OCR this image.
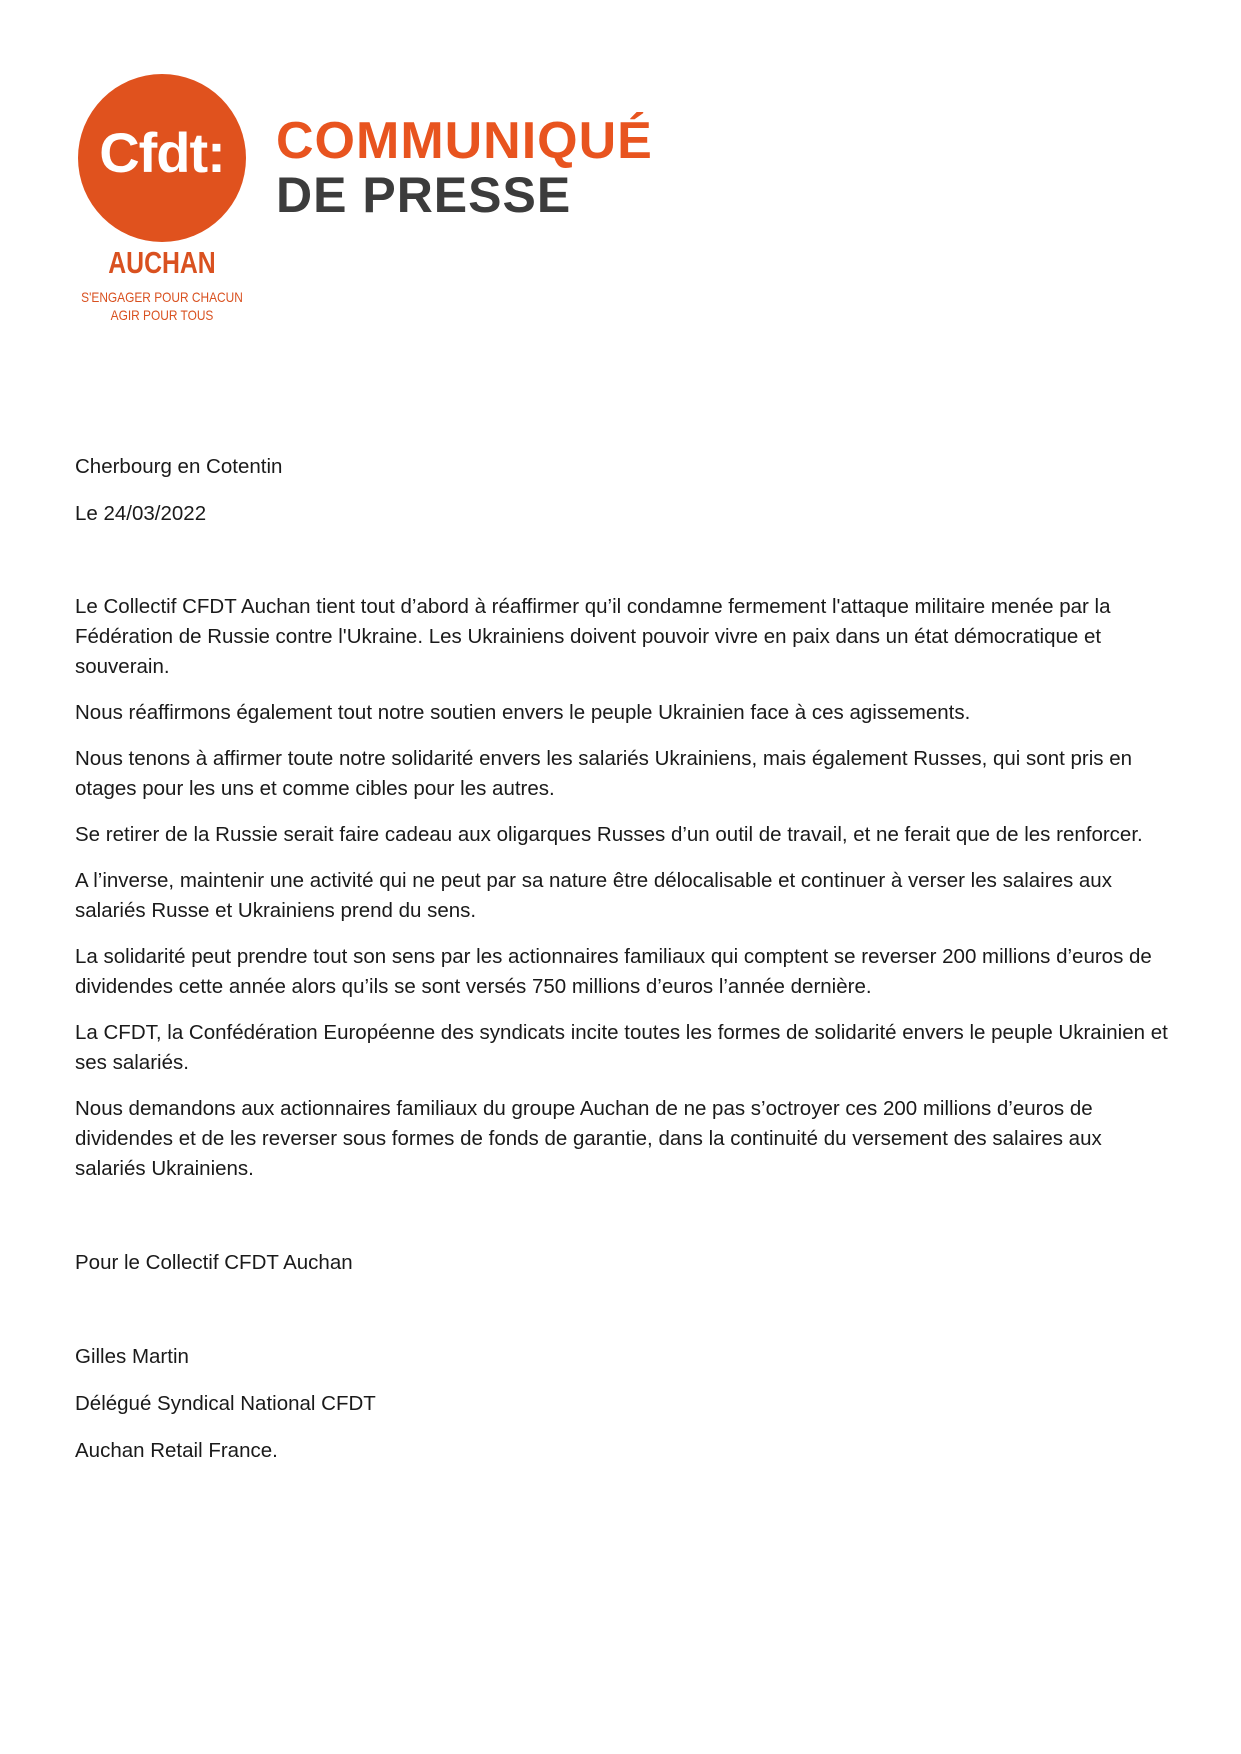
Cfdt:
AUCHAN
S'ENGAGER POUR CHACUN
AGIR POUR TOUS
COMMUNIQUÉ
DE PRESSE

Cherbourg en Cotentin

Le 24/03/2022

Le Collectif CFDT Auchan tient tout d’abord à réaffirmer qu’il condamne fermement l'attaque militaire menée par la Fédération de Russie contre l'Ukraine. Les Ukrainiens doivent pouvoir vivre en paix dans un état démocratique et souverain.

Nous réaffirmons également tout notre soutien envers le peuple Ukrainien face à ces agissements.

Nous tenons à affirmer toute notre solidarité envers les salariés Ukrainiens, mais également Russes, qui sont pris en otages pour les uns et comme cibles pour les autres.

Se retirer de la Russie serait faire cadeau aux oligarques Russes d’un outil de travail, et ne ferait que de les renforcer.

A l’inverse, maintenir une activité qui ne peut par sa nature être délocalisable et continuer à verser les salaires aux salariés Russe et Ukrainiens prend du sens.

La solidarité peut prendre tout son sens par les actionnaires familiaux qui comptent se reverser 200 millions d’euros de dividendes cette année alors qu’ils se sont versés 750 millions d’euros l’année dernière.

La CFDT, la Confédération Européenne des syndicats incite toutes les formes de solidarité envers le peuple Ukrainien et ses salariés.

Nous demandons aux actionnaires familiaux du groupe Auchan de ne pas s’octroyer ces 200 millions d’euros de dividendes et de les reverser sous formes de fonds de garantie, dans la continuité du versement des salaires aux salariés Ukrainiens.

Pour le Collectif CFDT Auchan

Gilles Martin

Délégué Syndical National CFDT

Auchan Retail France.
